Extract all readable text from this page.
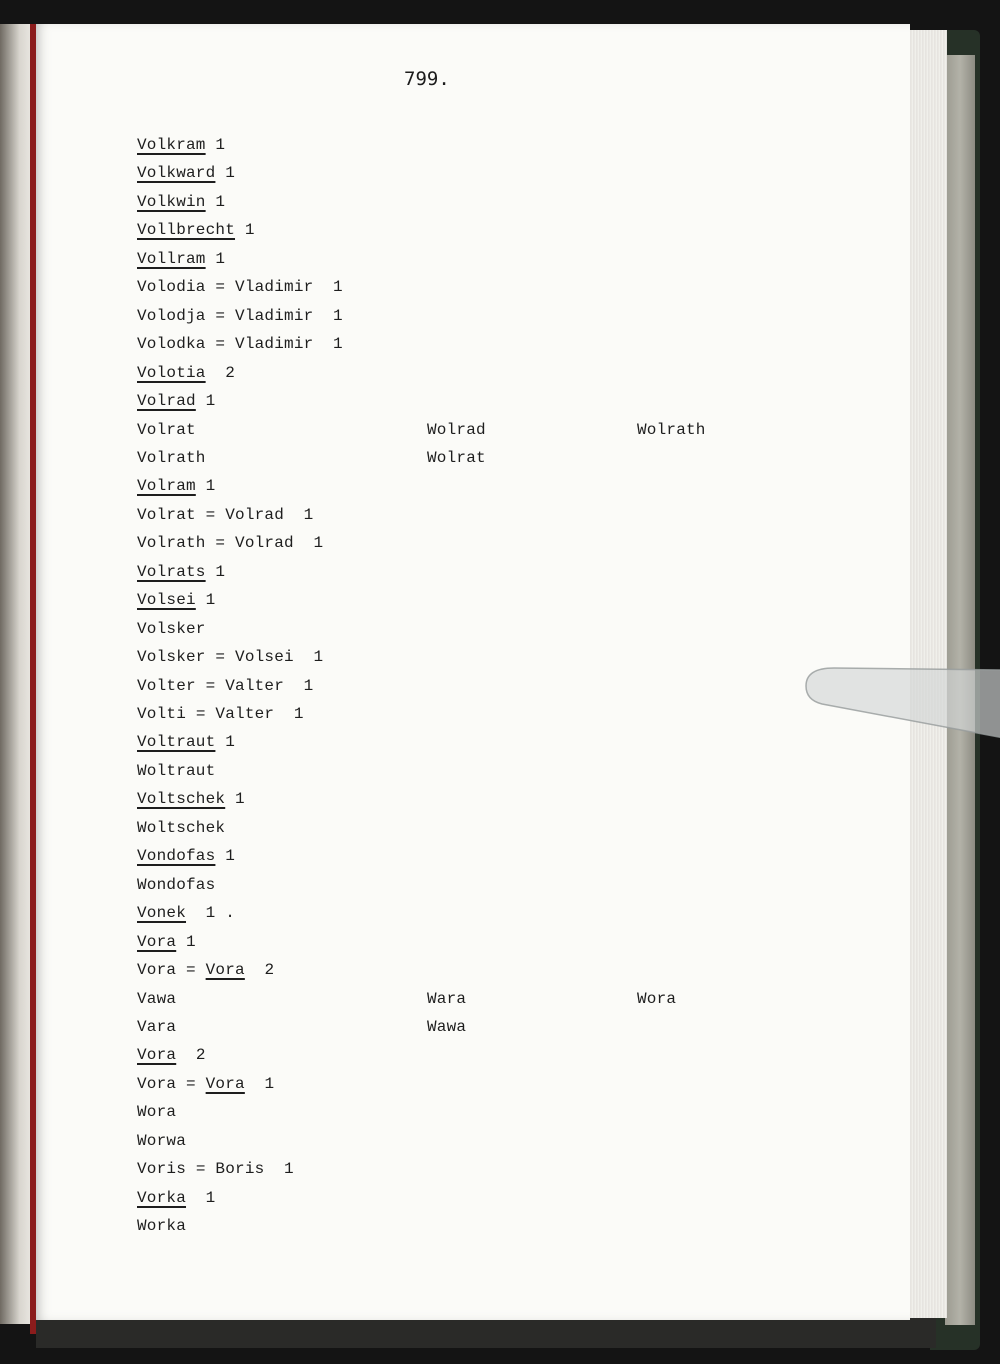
799.
Volkram 1
Volkward 1
Volkwin 1
Vollbrecht 1
Vollram 1
Volodia = Vladimir  1
Volodja = Vladimir  1
Volodka = Vladimir  1
Volotia  2
Volrad 1
Volrat	Wolrad	Wolrath
Volrath	Wolrat
Volram 1
Volrat = Volrad  1
Volrath = Volrad  1
Volrats 1
Volsei 1
Volsker
Volsker = Volsei  1
Volter = Valter  1
Volti = Valter  1
Voltraut 1
Woltraut
Voltschek 1
Woltschek
Vondofas 1
Wondofas
Vonek  1 .
Vora 1
Vora = Vora  2
Vawa	Wara	Wora
Vara	Wawa
Vora  2
Vora = Vora  1
Wora
Worwa
Voris = Boris  1
Vorka  1
Worka
